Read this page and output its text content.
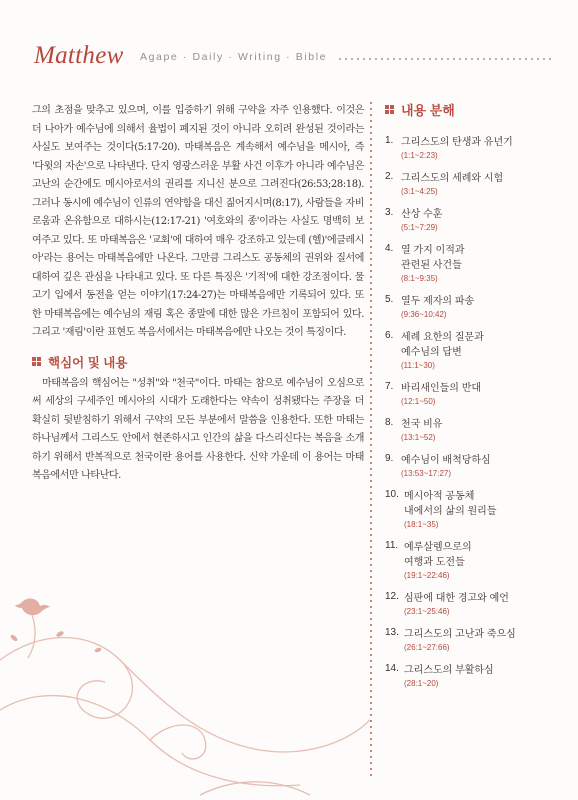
Matthew Agape · Daily · Writing · Bible

그의 초점을 맞추고 있으며, 이를 입증하기 위해 구약을 자주 인용했다. 이것은 더 나아가 예수님에 의해서 율법이 폐지된 것이 아니라 오히려 완성된 것이라는 사실도 보여주는 것이다(5:17-20). 마태복음은 계속해서 예수님을 메시아, 즉 '다윗의 자손'으로 나타낸다. 단지 영광스러운 부활 사건 이후가 아니라 예수님은 고난의 순간에도 메시아로서의 권리를 지니신 분으로 그려진다(26:53;28:18). 그러나 동시에 예수님이 인류의 연약함을 대신 짊어지시며(8:17), 사람들을 자비로움과 온유함으로 대하시는(12:17-21) '여호와의 종'이라는 사실도 명백히 보여주고 있다. 또 마태복음은 '교회'에 대하여 매우 강조하고 있는데 (헬)'에클레시아'라는 용어는 마태복음에만 나온다. 그만큼 그리스도 공동체의 권위와 질서에 대하여 깊은 관심을 나타내고 있다. 또 다른 특징은 '기적'에 대한 강조점이다. 물고기 입에서 동전을 얻는 이야기(17:24-27)는 마태복음에만 기록되어 있다. 또한 마태복음에는 예수님의 재림 혹은 종말에 대한 많은 가르침이 포함되어 있다. 그리고 '재림'이란 표현도 복음서에서는 마태복음에만 나오는 것이 특징이다.

핵심어 및 내용

마태복음의 핵심어는 "성취"와 "천국"이다. 마태는 참으로 예수님이 오심으로써 세상의 구세주인 메시아의 시대가 도래한다는 약속이 성취됐다는 주장을 더 확실히 뒷받침하기 위해서 구약의 모든 부분에서 말씀을 인용한다. 또한 마태는 하나님께서 그리스도 안에서 현존하시고 인간의 삶을 다스리신다는 복음을 소개하기 위해서 반복적으로 천국이란 용어를 사용한다. 신약 가운데 이 용어는 마태복음에서만 나타난다.

내용 분해
1. 그리스도의 탄생과 유년기
(1:1~2:23)
2. 그리스도의 세례와 시험
(3:1~4:25)
3. 산상 수훈
(5:1~7:29)
4. 열 가지 이적과
관련된 사건들
(8:1~9:35)
5. 열두 제자의 파송
(9:36~10:42)
6. 세례 요한의 질문과
예수님의 답변
(11:1~30)
7. 바리새인들의 반대
(12:1~50)
8. 천국 비유
(13:1~52)
9. 예수님이 배척당하심
(13:53~17:27)
10. 메시아적 공동체
내에서의 삶의 원리들
(18:1~35)
11. 예루살렘으로의
여행과 도전들
(19:1~22:46)
12. 심판에 대한 경고와 예언
(23:1~25:46)
13. 그리스도의 고난과 죽으심
(26:1~27:66)
14. 그리스도의 부활하심
(28:1~20)
